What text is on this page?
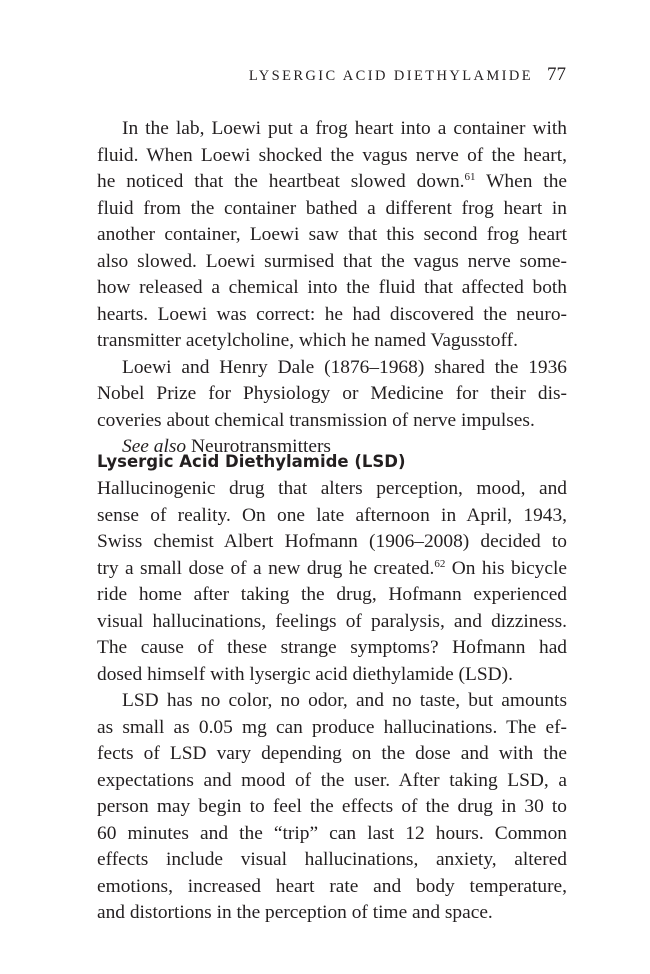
LYSERGIC ACID DIETHYLAMIDE 77
In the lab, Loewi put a frog heart into a container with
fluid. When Loewi shocked the vagus nerve of the heart,
he noticed that the heartbeat slowed down.$^{61}$ When the
fluid from the container bathed a different frog heart in
another container, Loewi saw that this second frog heart
also slowed. Loewi surmised that the vagus nerve some-
how released a chemical into the fluid that affected both
hearts. Loewi was correct: he had discovered the neuro-
transmitter acetylcholine, which he named Vagusstoff.
Loewi and Henry Dale (1876–1968) shared the 1936
Nobel Prize for Physiology or Medicine for their dis-
coveries about chemical transmission of nerve impulses.
See also Neurotransmitters
Lysergic Acid Diethylamide (LSD)
Hallucinogenic drug that alters perception, mood, and
sense of reality. On one late afternoon in April, 1943,
Swiss chemist Albert Hofmann (1906–2008) decided to
try a small dose of a new drug he created.$^{62}$ On his bicycle
ride home after taking the drug, Hofmann experienced
visual hallucinations, feelings of paralysis, and dizziness.
The cause of these strange symptoms? Hofmann had
dosed himself with lysergic acid diethylamide (LSD).
LSD has no color, no odor, and no taste, but amounts
as small as 0.05 mg can produce hallucinations. The ef-
fects of LSD vary depending on the dose and with the
expectations and mood of the user. After taking LSD, a
person may begin to feel the effects of the drug in 30 to
60 minutes and the “trip” can last 12 hours. Common
effects include visual hallucinations, anxiety, altered
emotions, increased heart rate and body temperature,
and distortions in the perception of time and space.
